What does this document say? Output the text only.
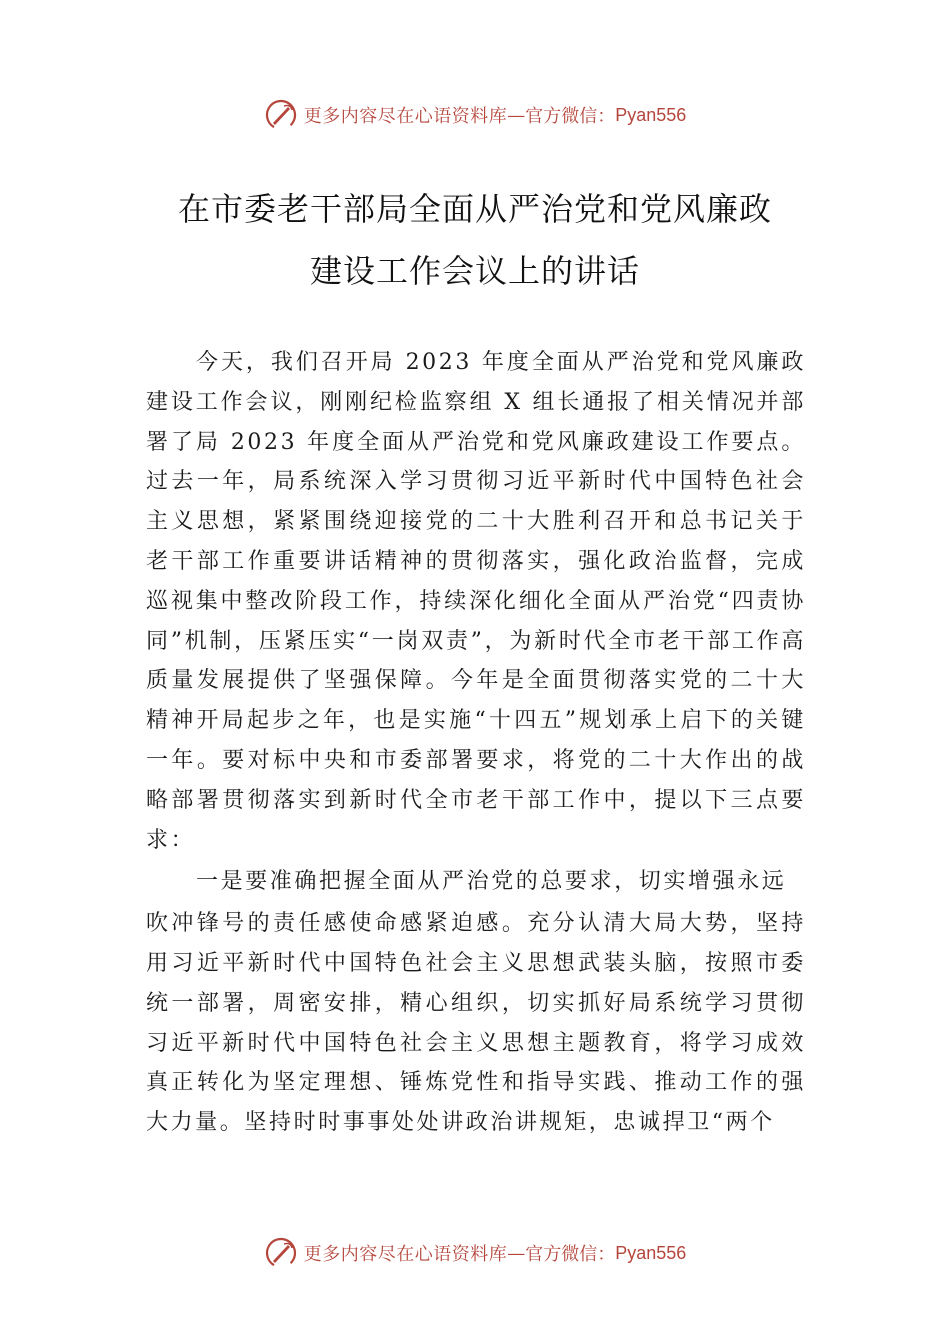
更多内容尽在心语资料库 — 官方微信： Pyan556
在市委老干部局全面从严治党和党风廉政
建设工作会议上的讲话

今天，我们召开局 2023 年度全面从严治党和党风廉政建设工作会议，刚刚纪检监察组 X 组长通报了相关情况并部署了局 2023 年度全面从严治党和党风廉政建设工作要点。过去一年，局系统深入学习贯彻习近平新时代中国特色社会主义思想，紧紧围绕迎接党的二十大胜利召开和总书记关于老干部工作重要讲话精神的贯彻落实，强化政治监督，完成巡视集中整改阶段工作，持续深化细化全面从严治党“四责协同”机制，压紧压实“一岗双责”，为新时代全市老干部工作高质量发展提供了坚强保障。今年是全面贯彻落实党的二十大精神开局起步之年，也是实施“十四五”规划承上启下的关键一年。要对标中央和市委部署要求，将党的二十大作出的战略部署贯彻落实到新时代全市老干部工作中，提以下三点要求：

一是要准确把握全面从严治党的总要求，切实增强永远

吹冲锋号的责任感使命感紧迫感。充分认清大局大势，坚持用习近平新时代中国特色社会主义思想武装头脑，按照市委统一部署，周密安排，精心组织，切实抓好局系统学习贯彻习近平新时代中国特色社会主义思想主题教育，将学习成效真正转化为坚定理想、锤炼党性和指导实践、推动工作的强大力量。坚持时时事事处处讲政治讲规矩，忠诚捍卫“两个

更多内容尽在心语资料库 — 官方微信： Pyan556
